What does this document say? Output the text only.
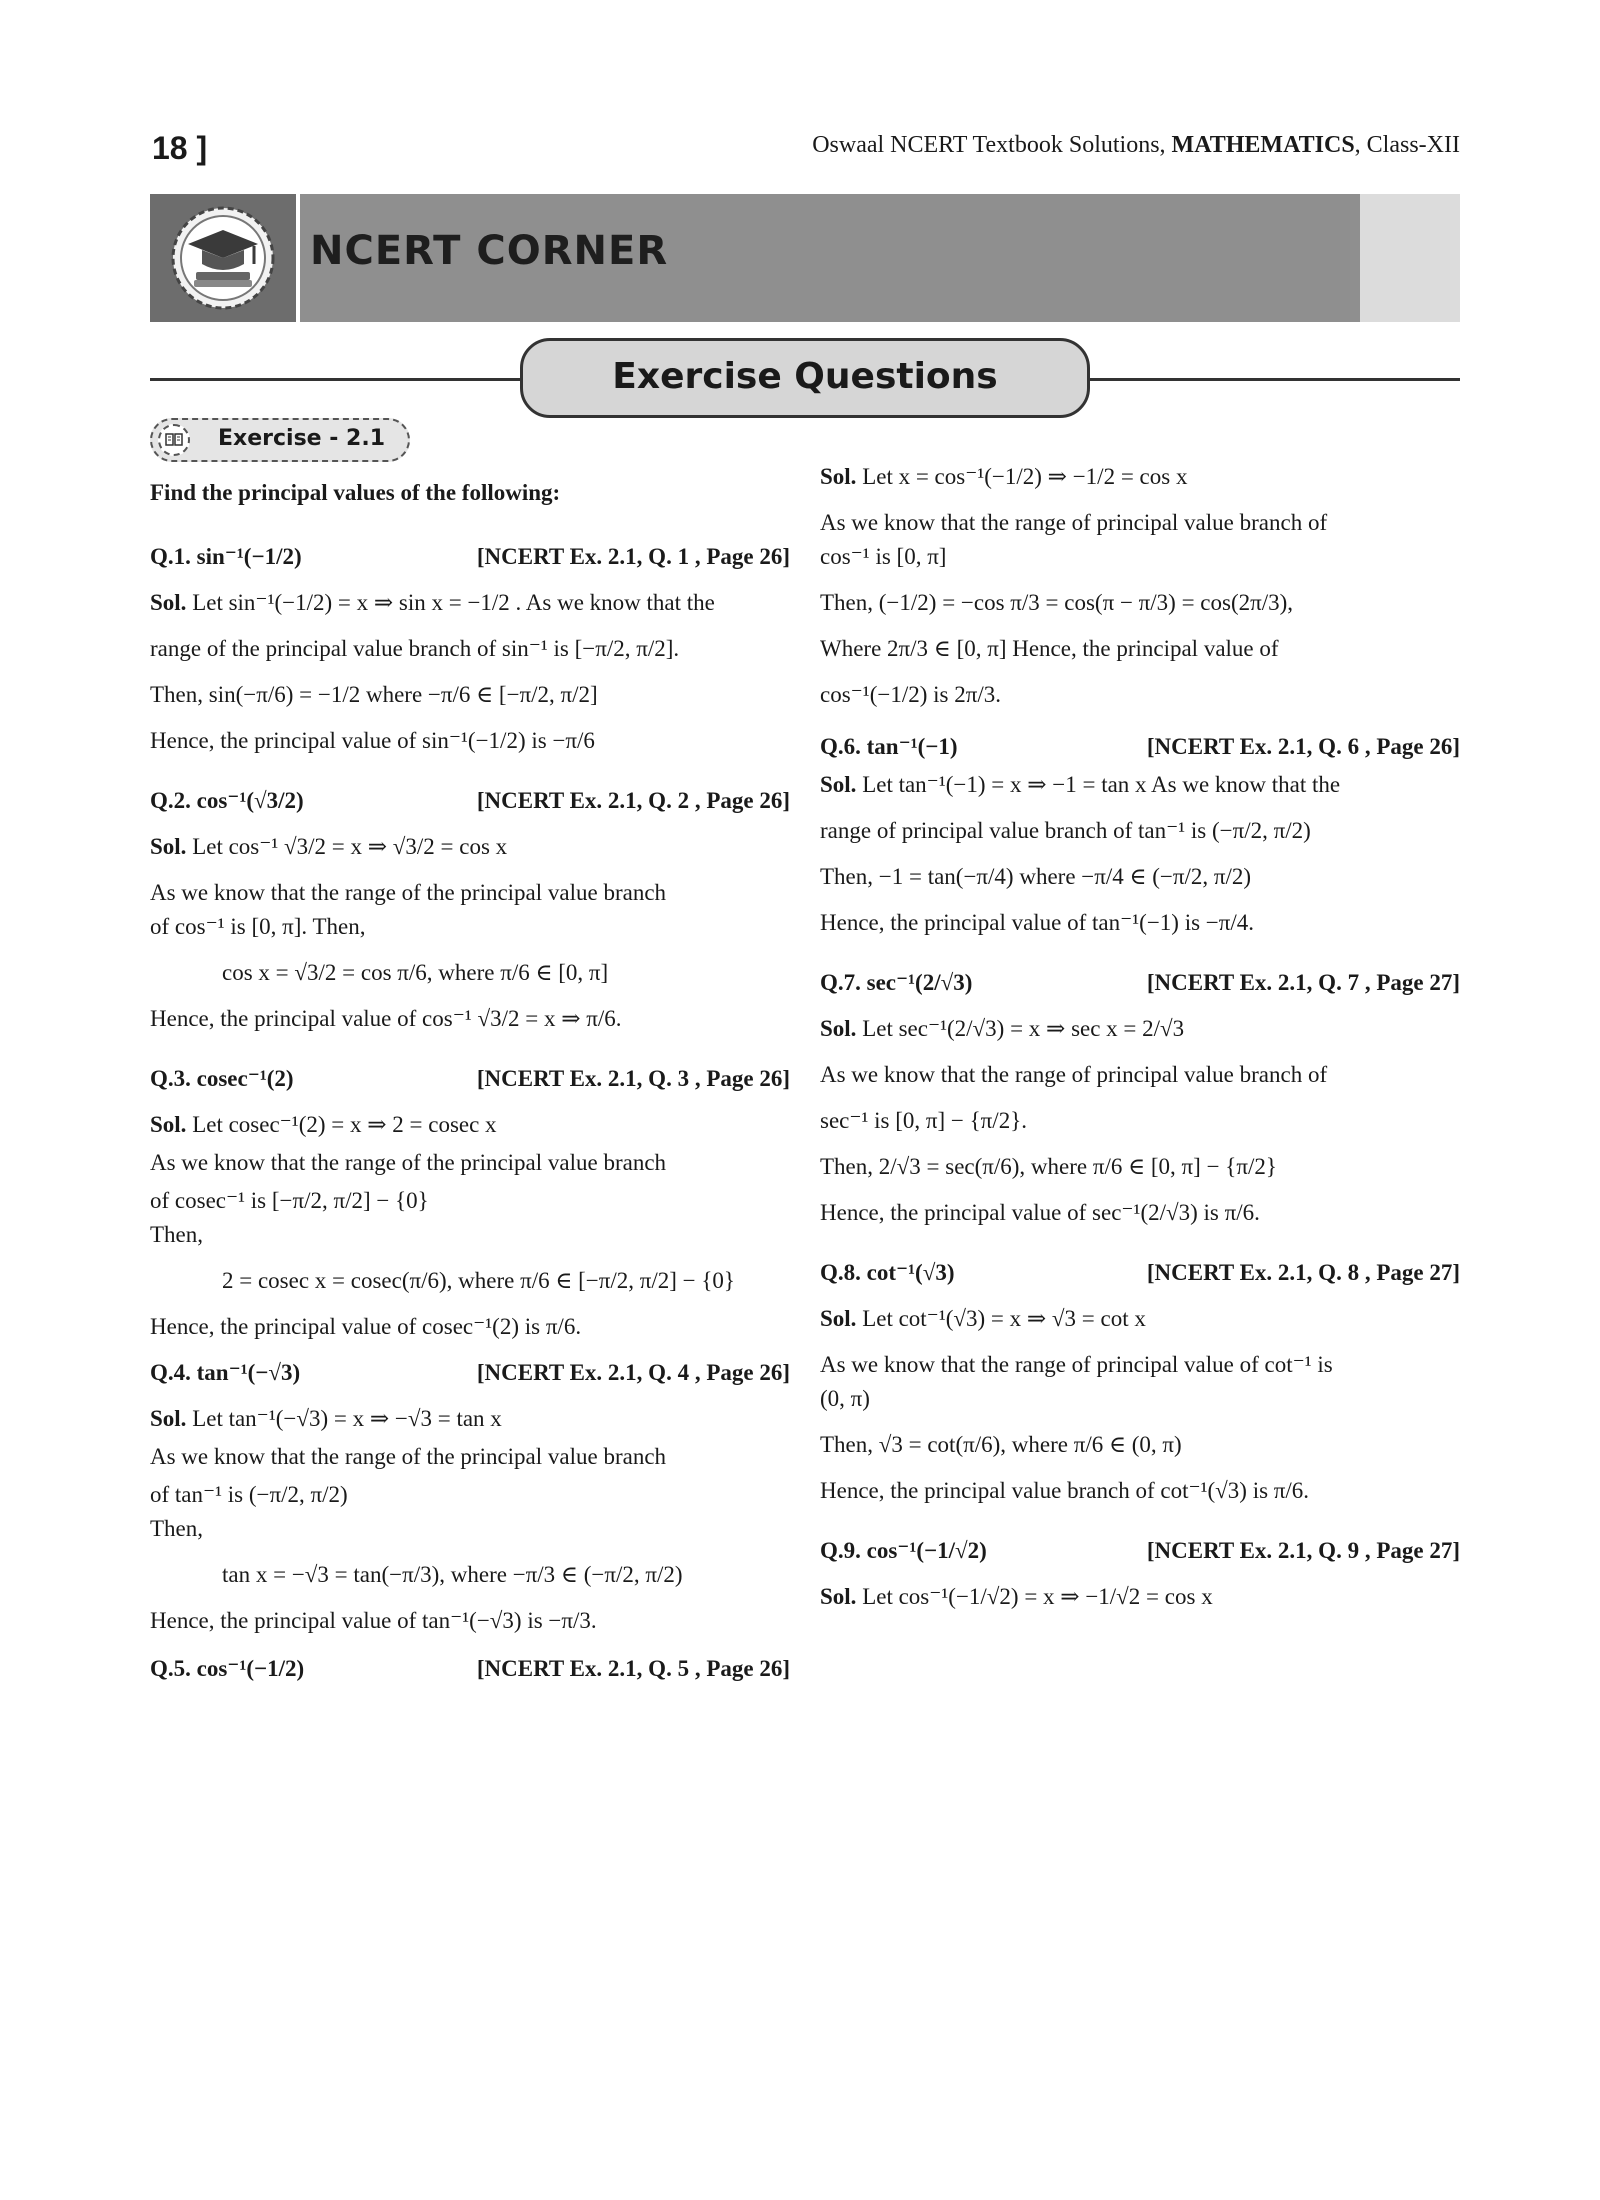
18 ]	Oswaal NCERT Textbook Solutions, MATHEMATICS, Class-XII
NCERT CORNER
Exercise Questions
Exercise - 2.1

Find the principal values of the following:

Q.1. sin⁻¹(−1/2)	[NCERT Ex. 2.1, Q. 1 , Page 26]

Sol. Let sin⁻¹(−1/2) = x ⇒ sin x = −1/2 . As we know that the

range of the principal value branch of sin⁻¹ is [−π/2, π/2].

Then, sin(−π/6) = −1/2 where −π/6 ∈ [−π/2, π/2]

Hence, the principal value of sin⁻¹(−1/2) is −π/6

Q.2. cos⁻¹(√3/2)	[NCERT Ex. 2.1, Q. 2 , Page 26]

Sol. Let cos⁻¹ √3/2 = x ⇒ √3/2 = cos x

As we know that the range of the principal value branch

of cos⁻¹ is [0, π]. Then,

cos x = √3/2 = cos π/6, where π/6 ∈ [0, π]

Hence, the principal value of cos⁻¹ √3/2 = x ⇒ π/6.

Q.3. cosec⁻¹(2)	[NCERT Ex. 2.1, Q. 3 , Page 26]

Sol. Let cosec⁻¹(2) = x ⇒ 2 = cosec x

As we know that the range of the principal value branch

of cosec⁻¹ is [−π/2, π/2] − {0}

Then,

2 = cosec x = cosec(π/6), where π/6 ∈ [−π/2, π/2] − {0}

Hence, the principal value of cosec⁻¹(2) is π/6.

Q.4. tan⁻¹(−√3)	[NCERT Ex. 2.1, Q. 4 , Page 26]

Sol. Let tan⁻¹(−√3) = x ⇒ −√3 = tan x

As we know that the range of the principal value branch

of tan⁻¹ is (−π/2, π/2)

Then,

tan x = −√3 = tan(−π/3), where −π/3 ∈ (−π/2, π/2)

Hence, the principal value of tan⁻¹(−√3) is −π/3.

Q.5. cos⁻¹(−1/2)	[NCERT Ex. 2.1, Q. 5 , Page 26]

Sol. Let x = cos⁻¹(−1/2) ⇒ −1/2 = cos x

As we know that the range of principal value branch of

cos⁻¹ is [0, π]

Then, (−1/2) = −cos π/3 = cos(π − π/3) = cos(2π/3),

Where 2π/3 ∈ [0, π] Hence, the principal value of

cos⁻¹(−1/2) is 2π/3.

Q.6. tan⁻¹(−1)	[NCERT Ex. 2.1, Q. 6 , Page 26]

Sol. Let tan⁻¹(−1) = x ⇒ −1 = tan x As we know that the

range of principal value branch of tan⁻¹ is (−π/2, π/2)

Then, −1 = tan(−π/4) where −π/4 ∈ (−π/2, π/2)

Hence, the principal value of tan⁻¹(−1) is −π/4.

Q.7. sec⁻¹(2/√3)	[NCERT Ex. 2.1, Q. 7 , Page 27]

Sol. Let sec⁻¹(2/√3) = x ⇒ sec x = 2/√3

As we know that the range of principal value branch of

sec⁻¹ is [0, π] − {π/2}.

Then, 2/√3 = sec(π/6), where π/6 ∈ [0, π] − {π/2}

Hence, the principal value of sec⁻¹(2/√3) is π/6.

Q.8. cot⁻¹(√3)	[NCERT Ex. 2.1, Q. 8 , Page 27]

Sol. Let cot⁻¹(√3) = x ⇒ √3 = cot x

As we know that the range of principal value of cot⁻¹ is

(0, π)

Then, √3 = cot(π/6), where π/6 ∈ (0, π)

Hence, the principal value branch of cot⁻¹(√3) is π/6.

Q.9. cos⁻¹(−1/√2)	[NCERT Ex. 2.1, Q. 9 , Page 27]

Sol. Let cos⁻¹(−1/√2) = x ⇒ −1/√2 = cos x
